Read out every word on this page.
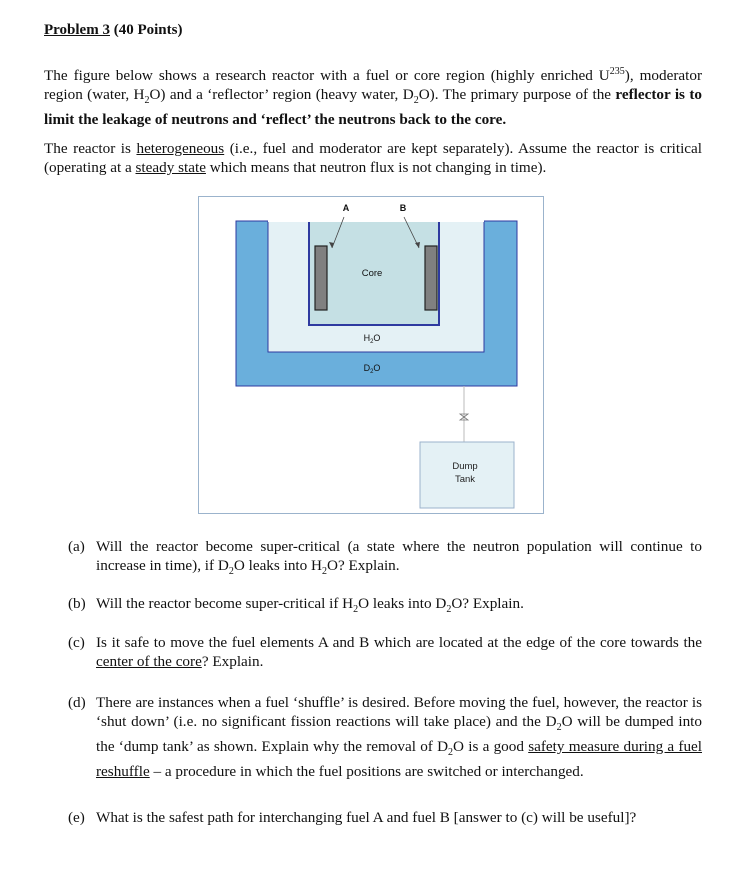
Problem 3 (40 Points)
The figure below shows a research reactor with a fuel or core region (highly enriched $U^{235}$), moderator region (water, $H_2O$) and a ‘reflector’ region (heavy water, $D_2O$). The primary purpose of the reflector is to limit the leakage of neutrons and ‘reflect’ the neutrons back to the core.
The reactor is heterogeneous (i.e., fuel and moderator are kept separately). Assume the reactor is critical (operating at a steady state which means that neutron flux is not changing in time).
A	B
Core
$H_2O$
$D_2O$
Dump
Tank
(a) Will the reactor become super-critical (a state where the neutron population will continue to increase in time), if $D_2O$ leaks into $H_2O$? Explain.
(b) Will the reactor become super-critical if $H_2O$ leaks into $D_2O$? Explain.
(c) Is it safe to move the fuel elements A and B which are located at the edge of the core towards the center of the core? Explain.
(d) There are instances when a fuel ‘shuffle’ is desired. Before moving the fuel, however, the reactor is ‘shut down’ (i.e. no significant fission reactions will take place) and the $D_2O$ will be dumped into the ‘dump tank’ as shown. Explain why the removal of $D_2O$ is a good safety measure during a fuel reshuffle – a procedure in which the fuel positions are switched or interchanged.
(e) What is the safest path for interchanging fuel A and fuel B [answer to (c) will be useful]?
